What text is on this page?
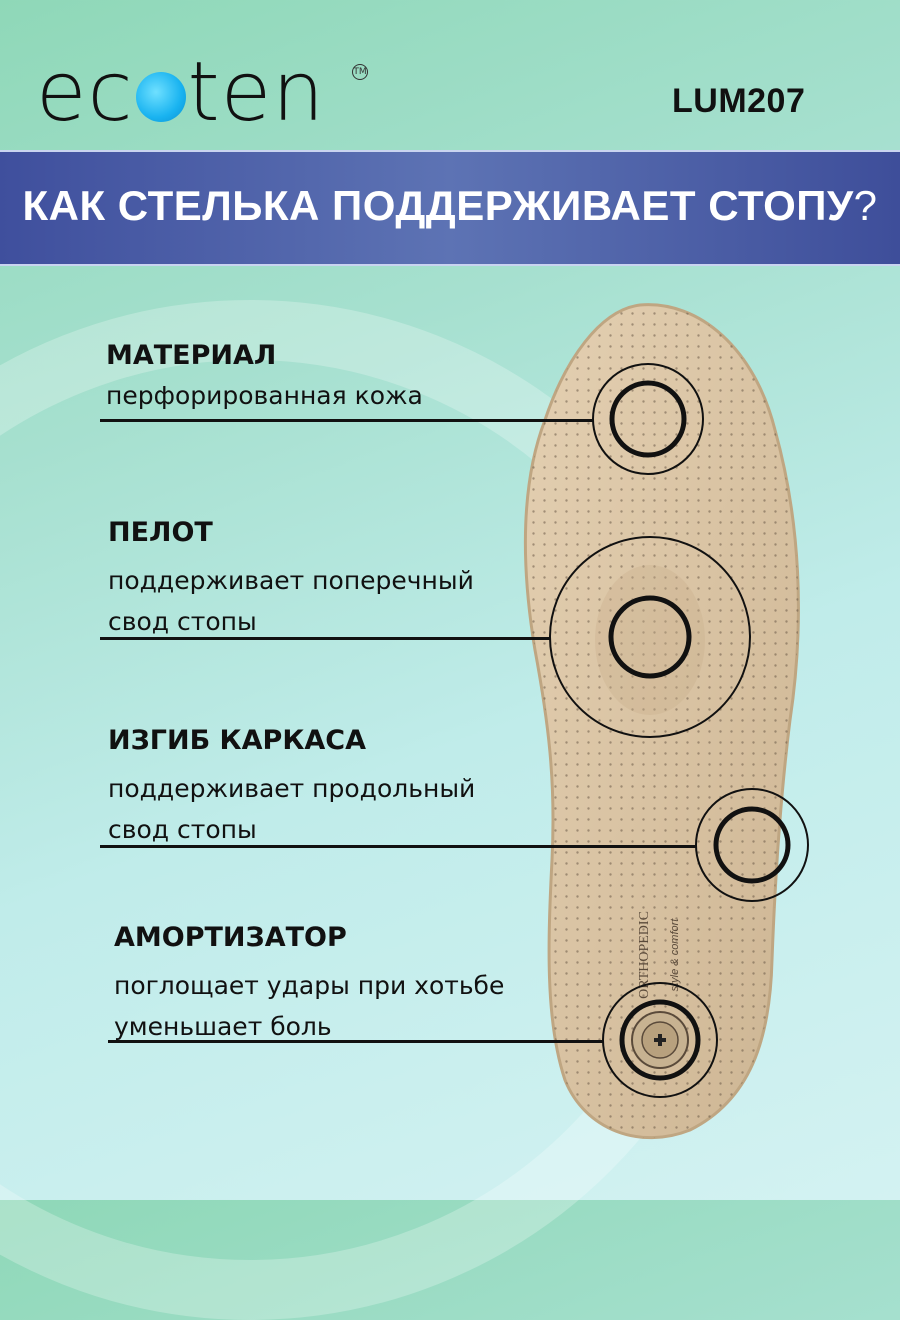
ec ten	TM
LUM207
КАК СТЕЛЬКА ПОДДЕРЖИВАЕТ СТОПУ?
ORTHOPEDIC style & comfort
МАТЕРИАЛ
перфорированная кожа
ПЕЛОТ
поддерживает поперечный
свод стопы
ИЗГИБ КАРКАСА
поддерживает продольный
свод стопы
АМОРТИЗАТОР
поглощает удары при хотьбе
уменьшает боль
